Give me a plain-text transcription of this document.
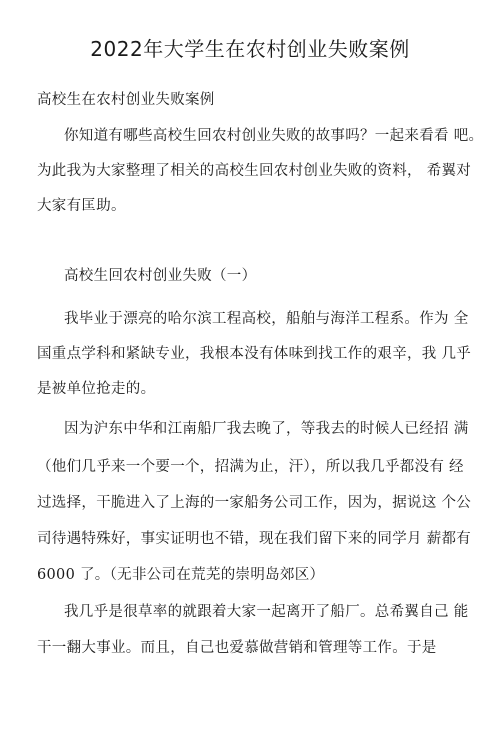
2022年大学生在农村创业失败案例
高校生在农村创业失败案例
你知道有哪些高校生回农村创业失败的故事吗？一起来看看 吧。
为此我为大家整理了相关的高校生回农村创业失败的资料， 希翼对
大家有匡助。
高校生回农村创业失败（一）
我毕业于漂亮的哈尔滨工程高校，船舶与海洋工程系。作为 全
国重点学科和紧缺专业，我根本没有体味到找工作的艰辛，我 几乎
是被单位抢走的。
因为沪东中华和江南船厂我去晚了，等我去的时候人已经招 满
（他们几乎来一个要一个，招满为止，汗），所以我几乎都没有 经
过选择，干脆进入了上海的一家船务公司工作，因为，据说这 个公
司待遇特殊好，事实证明也不错，现在我们留下来的同学月 薪都有
6000 了。（无非公司在荒芜的崇明岛郊区）
我几乎是很草率的就跟着大家一起离开了船厂。总希翼自己 能
干一翻大事业。而且，自己也爱慕做营销和管理等工作。于是
